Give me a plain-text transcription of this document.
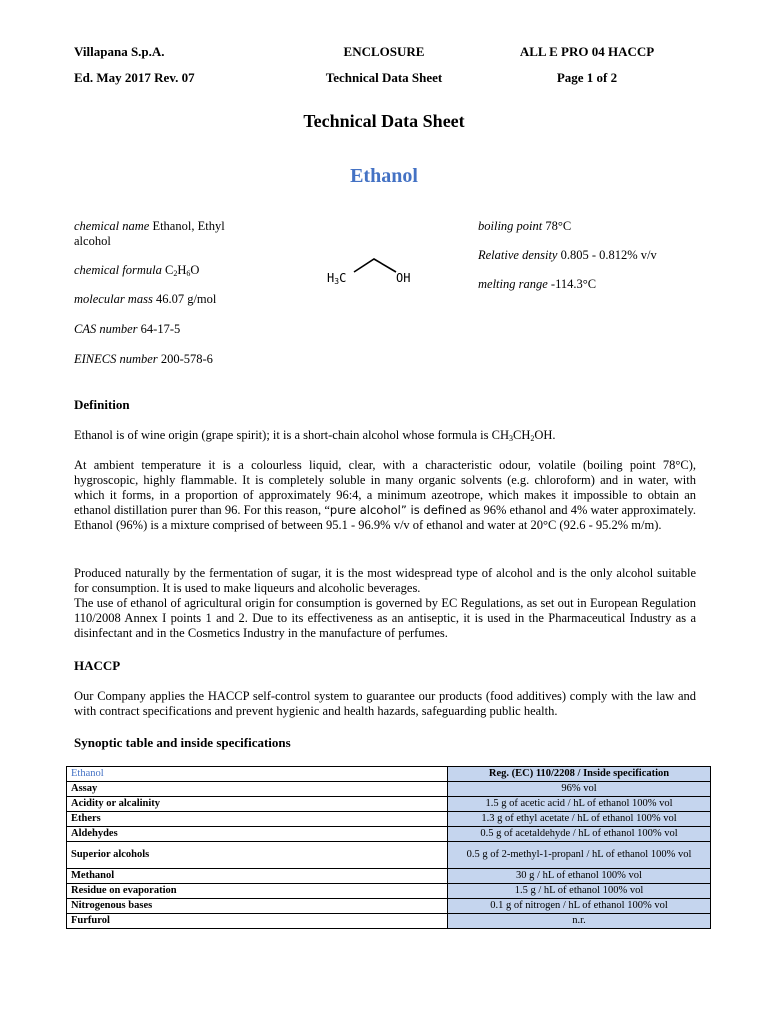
Villapana S.p.A.
Ed. May 2017 Rev. 07
ENCLOSURE
Technical Data Sheet
ALL E PRO 04 HACCP
Page 1 of 2
Technical Data Sheet
Ethanol
chemical name Ethanol, Ethyl
alcohol
chemical formula $C_2H_6O$
molecular mass 46.07 g/mol
CAS number 64-17-5
EINECS number 200-578-6
$H_3C$	OH
boiling point 78°C
Relative density 0.805 - 0.812% v/v
melting range -114.3°C
Definition
Ethanol is of wine origin (grape spirit); it is a short-chain alcohol whose formula is $CH_3CH_2OH$.
At ambient temperature it is a colourless liquid, clear, with a characteristic odour, volatile (boiling point 78°C), hygroscopic, highly flammable. It is completely soluble in many organic solvents (e.g. chloroform) and in water, with which it forms, in a proportion of approximately 96:4, a minimum azeotrope, which makes it impossible to obtain an ethanol distillation purer than 96. For this reason, “pure alcohol” is defined as 96% ethanol and 4% water approximately. Ethanol (96%) is a mixture comprised of between 95.1 - 96.9% v/v of ethanol and water at 20°C (92.6 - 95.2% m/m).

Produced naturally by the fermentation of sugar, it is the most widespread type of alcohol and is the only alcohol suitable for consumption. It is used to make liqueurs and alcoholic beverages.

The use of ethanol of agricultural origin for consumption is governed by EC Regulations, as set out in European Regulation 110/2008 Annex I points 1 and 2. Due to its effectiveness as an antiseptic, it is used in the Pharmaceutical Industry as a disinfectant and in the Cosmetics Industry in the manufacture of perfumes.

HACCP
Our Company applies the HACCP self-control system to guarantee our products (food additives) comply with the law and with contract specifications and prevent hygienic and health hazards, safeguarding public health.
Synoptic table and inside specifications
Ethanol	Reg. (EC) 110/2208 / Inside specification
Assay	96% vol
Acidity or alcalinity	1.5 g of acetic acid / hL of ethanol 100% vol
Ethers	1.3 g of ethyl acetate / hL of ethanol 100% vol
Aldehydes	0.5 g of acetaldehyde / hL of ethanol 100% vol
Superior alcohols	0.5 g of 2-methyl-1-propanl / hL of ethanol 100% vol
Methanol	30 g / hL of ethanol 100% vol
Residue on evaporation	1.5 g / hL of ethanol 100% vol
Nitrogenous bases	0.1 g of nitrogen / hL of ethanol 100% vol
Furfurol	n.r.
